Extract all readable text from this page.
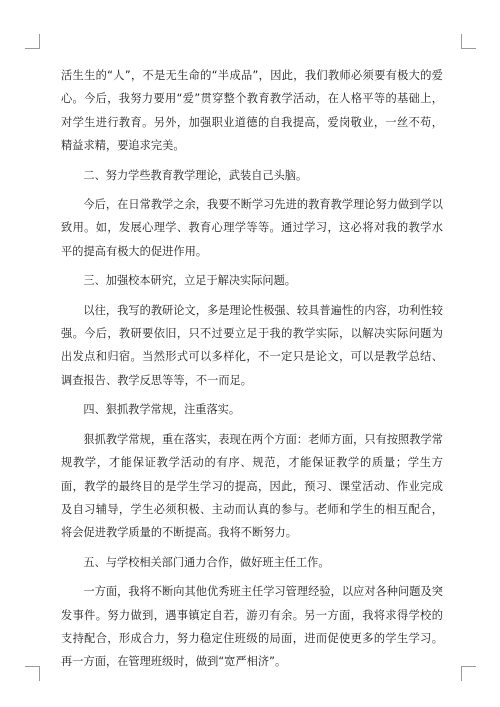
活生生的“人”，不是无生命的“半成品”，因此，我们教师必须要有极大的爱心。今后，我努力要用“爱”贯穿整个教育教学活动，在人格平等的基础上，对学生进行教育。另外，加强职业道德的自我提高，爱岗敬业，一丝不苟，精益求精，要追求完美。

二、努力学些教育教学理论，武装自己头脑。

今后，在日常教学之余，我要不断学习先进的教育教学理论努力做到学以致用。如，发展心理学、教育心理学等等。通过学习，这必将对我的教学水平的提高有极大的促进作用。

三、加强校本研究，立足于解决实际问题。

以往，我写的教研论文，多是理论性极强、较具普遍性的内容，功利性较强。今后，教研要依旧，只不过要立足于我的教学实际，以解决实际问题为出发点和归宿。当然形式可以多样化，不一定只是论文，可以是教学总结、调查报告、教学反思等等，不一而足。

四、狠抓教学常规，注重落实。

狠抓教学常规，重在落实，表现在两个方面：老师方面，只有按照教学常规教学，才能保证教学活动的有序、规范，才能保证教学的质量；学生方面，教学的最终目的是学生学习的提高，因此，预习、课堂活动、作业完成及自习辅导，学生必须积极、主动而认真的参与。老师和学生的相互配合，将会促进教学质量的不断提高。我将不断努力。

五、与学校相关部门通力合作，做好班主任工作。

一方面，我将不断向其他优秀班主任学习管理经验，以应对各种问题及突发事件。努力做到，遇事镇定自若，游刃有余。另一方面，我将求得学校的支持配合，形成合力，努力稳定住班级的局面，进而促使更多的学生学习。再一方面，在管理班级时，做到“宽严相济”。
